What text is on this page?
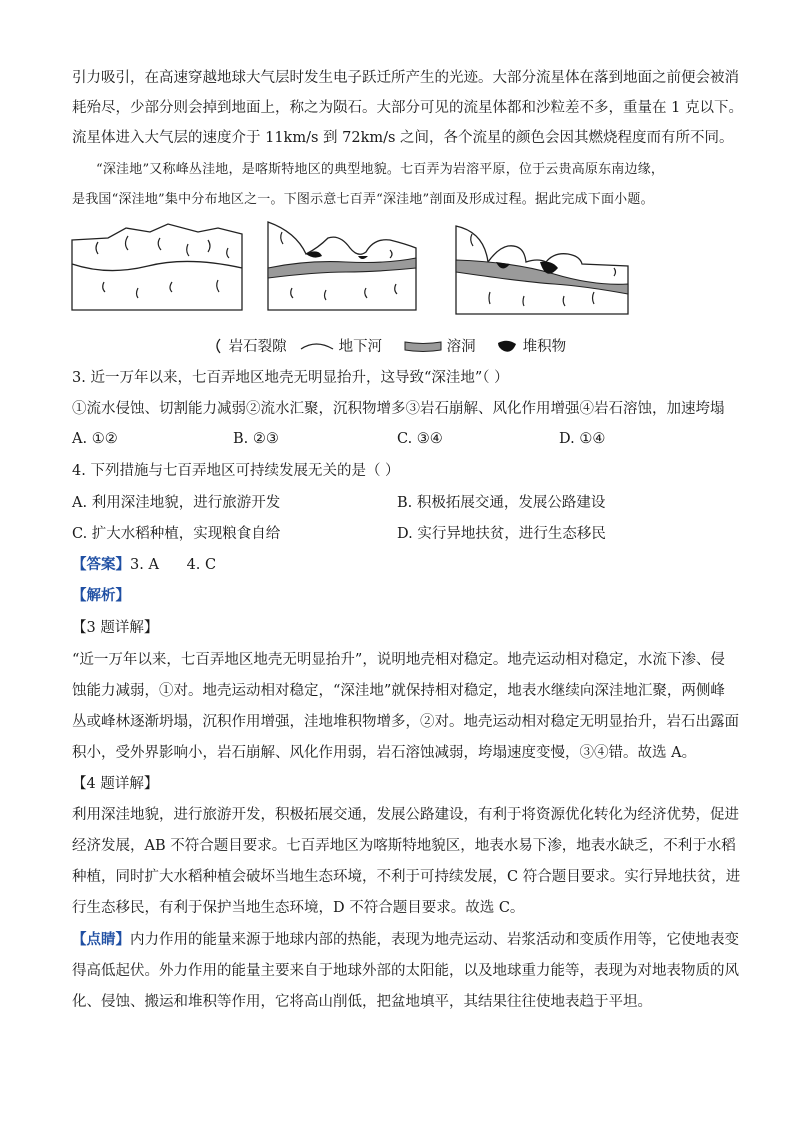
引力吸引，在高速穿越地球大气层时发生电子跃迁所产生的光迹。大部分流星体在落到地面之前便会被消
耗殆尽，少部分则会掉到地面上，称之为陨石。大部分可见的流星体都和沙粒差不多，重量在 1 克以下。
流星体进入大气层的速度介于 11km/s 到 72km/s 之间，各个流星的颜色会因其燃烧程度而有所不同。
“深洼地”又称峰丛洼地，是喀斯特地区的典型地貌。七百弄为岩溶平原，位于云贵高原东南边缘，
是我国“深洼地”集中分布地区之一。下图示意七百弄“深洼地”剖面及形成过程。据此完成下面小题。
岩石裂隙	地下河	溶洞	堆积物
3. 近一万年以来，七百弄地区地壳无明显抬升，这导致“深洼地”（ ）
①流水侵蚀、切割能力减弱②流水汇聚，沉积物增多③岩石崩解、风化作用增强④岩石溶蚀，加速垮塌
A. ①②	B. ②③	C. ③④	D. ①④
4. 下列措施与七百弄地区可持续发展无关的是（ ）
A. 利用深洼地貌，进行旅游开发	B. 积极拓展交通，发展公路建设
C. 扩大水稻种植，实现粮食自给	D. 实行异地扶贫，进行生态移民
【答案】3. A      4. C
【解析】
【3 题详解】
“近一万年以来，七百弄地区地壳无明显抬升”，说明地壳相对稳定。地壳运动相对稳定，水流下渗、侵
蚀能力减弱，①对。地壳运动相对稳定，“深洼地”就保持相对稳定，地表水继续向深洼地汇聚，两侧峰
丛或峰林逐渐坍塌，沉积作用增强，洼地堆积物增多，②对。地壳运动相对稳定无明显抬升，岩石出露面
积小，受外界影响小，岩石崩解、风化作用弱，岩石溶蚀减弱，垮塌速度变慢，③④错。故选 A。
【4 题详解】
利用深洼地貌，进行旅游开发，积极拓展交通，发展公路建设，有利于将资源优化转化为经济优势，促进
经济发展，AB 不符合题目要求。七百弄地区为喀斯特地貌区，地表水易下渗，地表水缺乏，不利于水稻
种植，同时扩大水稻种植会破坏当地生态环境，不利于可持续发展，C 符合题目要求。实行异地扶贫，进
行生态移民，有利于保护当地生态环境，D 不符合题目要求。故选 C。
【点睛】内力作用的能量来源于地球内部的热能，表现为地壳运动、岩浆活动和变质作用等，它使地表变
得高低起伏。外力作用的能量主要来自于地球外部的太阳能，以及地球重力能等，表现为对地表物质的风
化、侵蚀、搬运和堆积等作用，它将高山削低，把盆地填平，其结果往往使地表趋于平坦。
